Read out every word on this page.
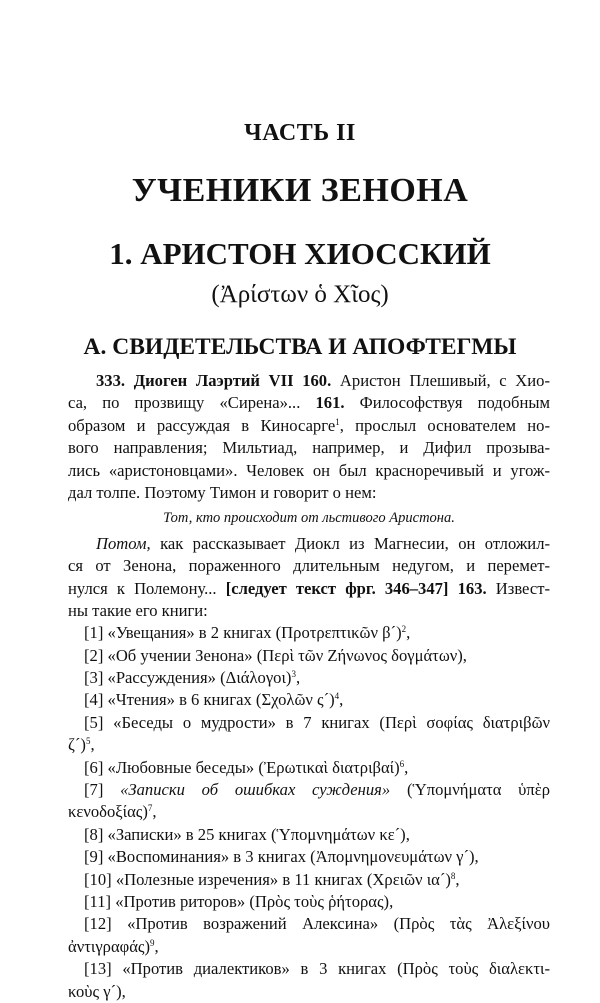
ЧАСТЬ II
УЧЕНИКИ ЗЕНОНА
1. АРИСТОН ХИОССКИЙ
(Ἀρίστων ὁ Χῖος)
А. СВИДЕТЕЛЬСТВА И АПОФТЕГМЫ
333. Диоген Лаэртий VII 160. Аристон Плешивый, с Хио-
са, по прозвищу «Сирена»... 161. Философствуя подобным
образом и рассуждая в Киносарге$^1$, прослыл основателем но-
вого направления; Мильтиад, например, и Дифил прозыва-
лись «аристоновцами». Человек он был красноречивый и угож-
дал толпе. Поэтому Тимон и говорит о нем:
Тот, кто происходит от льстивого Аристона.
Потом, как рассказывает Диокл из Магнесии, он отложил-
ся от Зенона, пораженного длительным недугом, и перемет-
нулся к Полемону... [следует текст фрг. 346–347] 163. Извест-
ны такие его книги:
[1] «Увещания» в 2 книгах (Προτρεπτικῶν β´)$^2$,
[2] «Об учении Зенона» (Περὶ τῶν Ζήνωνος δογμάτων),
[3] «Рассуждения» $(\Delta\iota ά\lambda o\gamma o\iota)^3$,
[4] «Чтения» в 6 книгах (Σχολῶν ς´)$^4$,
[5] «Беседы о мудрости» в 7 книгах (Περὶ σοφίας διατριβῶν
ζ´)$^5$,
[6] «Любовные беседы» (Ἐρωτικαὶ διατριβαί)$^6$,
[7] «Записки об ошибках суждения» (Ὑπομνήματα ὑπὲρ
κενοδοξίας)$^7$,
[8] «Записки» в 25 книгах (Ὑπομνημάτων κε´),
[9] «Воспоминания» в 3 книгах (Ἀπομνημονευμάτων γ´),
[10] «Полезные изречения» в 11 книгах (Χρειῶν ια´)$^8$,
[11] «Против риторов» (Πρὸς τοὺς ῥήτορας),
[12] «Против возражений Алексина» (Πρὸς τὰς Ἀλεξίνου
ἀντιγραφάς)$^9$,
[13] «Против диалектиков» в 3 книгах (Πρὸς τοὺς διαλεκτι-
κοὺς γ´),
